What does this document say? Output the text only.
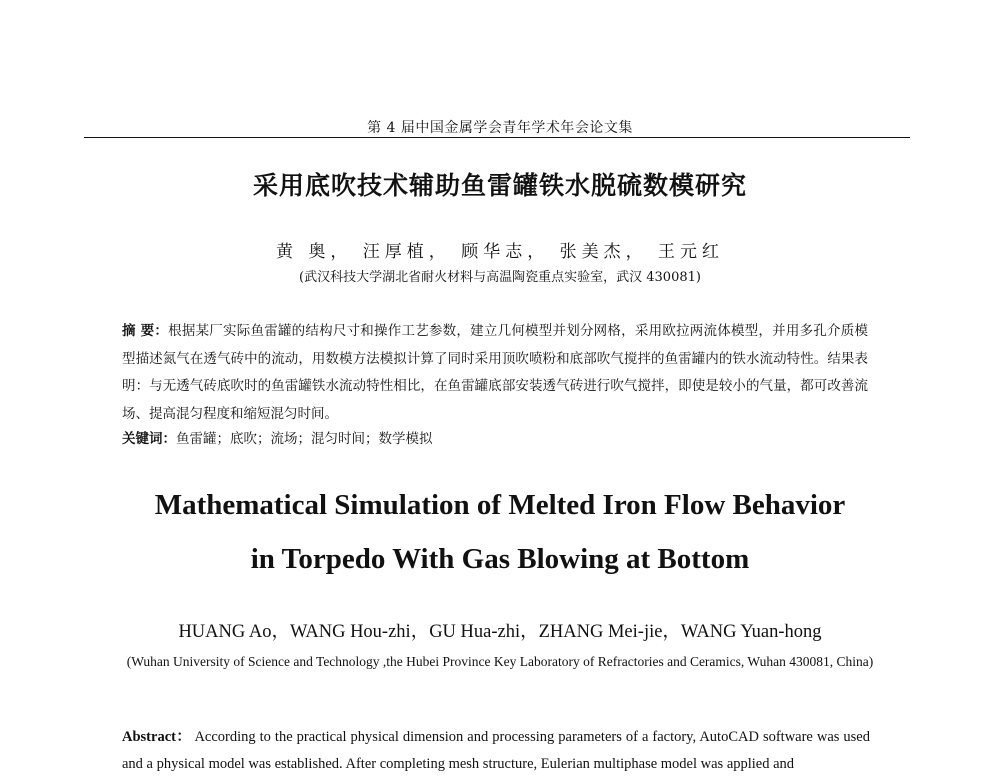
第 4 届中国金属学会青年学术年会论文集
采用底吹技术辅助鱼雷罐铁水脱硫数模研究
黄 奥， 汪厚植， 顾华志， 张美杰， 王元红
(武汉科技大学湖北省耐火材料与高温陶瓷重点实验室，武汉 430081)
摘 要：根据某厂实际鱼雷罐的结构尺寸和操作工艺参数，建立几何模型并划分网格，采用欧拉两流体模型，并用多孔介质模型描述氮气在透气砖中的流动，用数模方法模拟计算了同时采用顶吹喷粉和底部吹气搅拌的鱼雷罐内的铁水流动特性。结果表明：与无透气砖底吹时的鱼雷罐铁水流动特性相比，在鱼雷罐底部安装透气砖进行吹气搅拌，即使是较小的气量，都可改善流场、提高混匀程度和缩短混匀时间。
关键词：鱼雷罐；底吹；流场；混匀时间；数学模拟
Mathematical Simulation of Melted Iron Flow Behavior
in Torpedo With Gas Blowing at Bottom
HUANG Ao，WANG Hou-zhi，GU Hua-zhi，ZHANG Mei-jie，WANG Yuan-hong
(Wuhan University of Science and Technology ,the Hubei Province Key Laboratory of Refractories and Ceramics, Wuhan 430081, China)
Abstract： According to the practical physical dimension and processing parameters of a factory, AutoCAD software was used and a physical model was established. After completing mesh structure, Eulerian multiphase model was applied and
